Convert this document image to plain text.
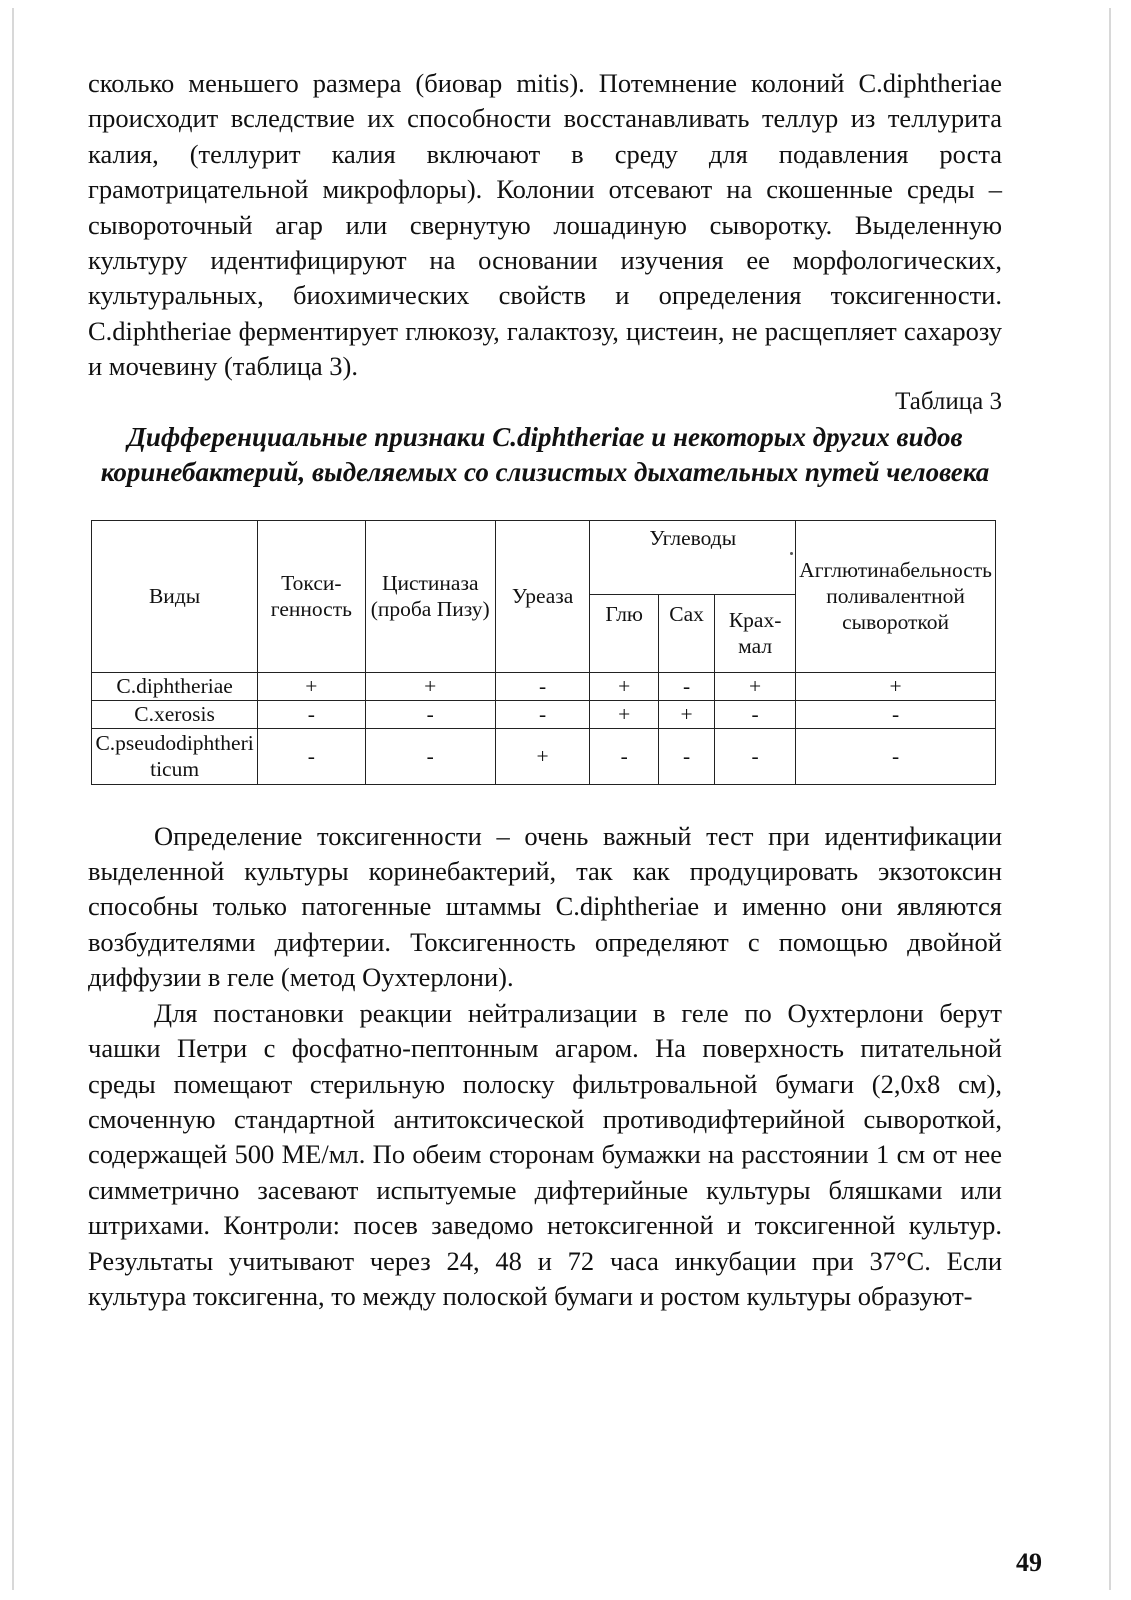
сколько меньшего размера (биовар mitis). Потемнение колоний C.diphtheriae происходит вследствие их способности восстанавливать теллур из теллурита калия, (теллурит калия включают в среду для подавления роста грамотрицательной микрофлоры). Колонии отсевают на скошенные среды – сывороточный агар или свернутую лошадиную сыворотку. Выделенную культуру идентифицируют на основании изучения ее морфологических, культуральных, биохимических свойств и определения токсигенности. C.diphtheriae ферментирует глюкозу, галактозу, цистеин, не расщепляет сахарозу и мочевину (таблица 3).

Таблица 3
Дифференциальные признаки C.diphtheriae и некоторых других видов коринебактерий, выделяемых со слизистых дыхательных путей человека
Виды	Токси-генность	Цистиназа (проба Пизу)	Уреаза	Углеводы			Агглютинабельность поливалентной сывороткой
				Глю	Сах	Крах-мал	
C.diphtheriae	+	+	-	+	-	+	+
C.xerosis	-	-	-	+	+	-	-
C.pseudodiphtheriticum	-	-	+	-	-	-	-

Определение токсигенности – очень важный тест при идентификации выделенной культуры коринебактерий, так как продуцировать экзотоксин способны только патогенные штаммы C.diphtheriae и именно они являются возбудителями дифтерии. Токсигенность определяют с помощью двойной диффузии в геле (метод Оухтерлони).

Для постановки реакции нейтрализации в геле по Оухтерлони берут чашки Петри с фосфатно-пептонным агаром. На поверхность питательной среды помещают стерильную полоску фильтровальной бумаги (2,0х8 см), смоченную стандартной антитоксической противодифтерийной сывороткой, содержащей 500 МЕ/мл. По обеим сторонам бумажки на расстоянии 1 см от нее симметрично засевают испытуемые дифтерийные культуры бляшками или штрихами. Контроли: посев заведомо нетоксигенной и токсигенной культур. Результаты учитывают через 24, 48 и 72 часа инкубации при 37°С. Если культура токсигенна, то между полоской бумаги и ростом культуры образуют-

49
